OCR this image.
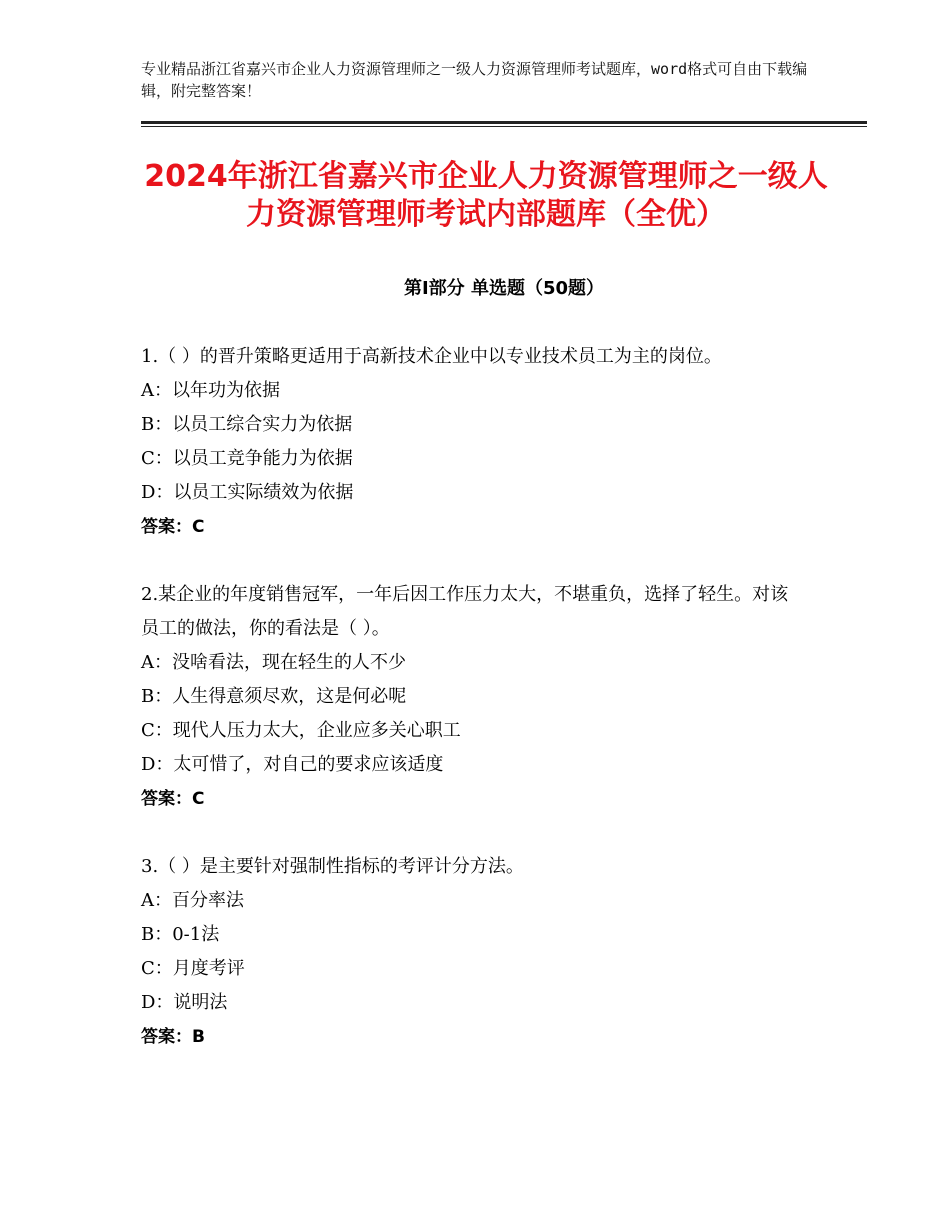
专业精品浙江省嘉兴市企业人力资源管理师之一级人力资源管理师考试题库，word格式可自由下载编辑，附完整答案！
2024年浙江省嘉兴市企业人力资源管理师之一级人力资源管理师考试内部题库（全优）
第Ⅰ部分 单选题（50题）

1.（ ）的晋升策略更适用于高新技术企业中以专业技术员工为主的岗位。

A：以年功为依据

B：以员工综合实力为依据

C：以员工竞争能力为依据

D：以员工实际绩效为依据

答案：C

2.某企业的年度销售冠军，一年后因工作压力太大，不堪重负，选择了轻生。对该员工的做法，你的看法是（ ）。

A：没啥看法，现在轻生的人不少

B：人生得意须尽欢，这是何必呢

C：现代人压力太大，企业应多关心职工

D：太可惜了，对自己的要求应该适度

答案：C

3.（ ）是主要针对强制性指标的考评计分方法。

A：百分率法

B：0-1法

C：月度考评

D：说明法

答案：B
